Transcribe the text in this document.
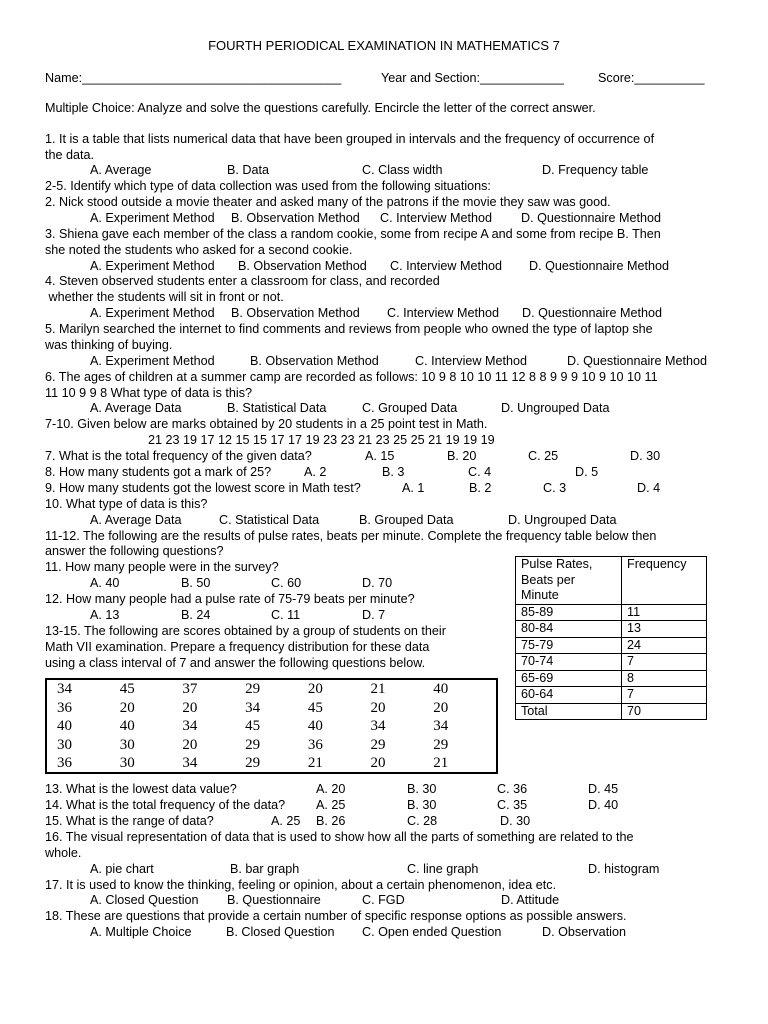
FOURTH PERIODICAL EXAMINATION IN MATHEMATICS 7
Name:_____________________________________	Year and Section:____________	Score:__________
Multiple Choice: Analyze and solve the questions carefully. Encircle the letter of the correct answer.
1. It is a table that lists numerical data that have been grouped in intervals and the frequency of occurrence of
the data.
A. Average	B. Data	C. Class width	D. Frequency table
2-5. Identify which type of data collection was used from the following situations:
2. Nick stood outside a movie theater and asked many of the patrons if the movie they saw was good.
A. Experiment Method B. Observation Method C. Interview Method D. Questionnaire Method
3. Shiena gave each member of the class a random cookie, some from recipe A and some from recipe B. Then
she noted the students who asked for a second cookie.
A. Experiment Method B. Observation Method C. Interview Method D. Questionnaire Method
4. Steven observed students enter a classroom for class, and recorded
whether the students will sit in front or not.
A. Experiment Method B. Observation Method C. Interview Method D. Questionnaire Method
5. Marilyn searched the internet to find comments and reviews from people who owned the type of laptop she
was thinking of buying.
A. Experiment Method	B. Observation Method	C. Interview Method	D. Questionnaire Method
6. The ages of children at a summer camp are recorded as follows: 10 9 8 10 10 11 12 8 8 9 9 9 10 9 10 10 11
11 10 9 9 8 What type of data is this?
A. Average Data	B. Statistical Data	C. Grouped Data	D. Ungrouped Data
7-10. Given below are marks obtained by 20 students in a 25 point test in Math.
21 23 19 17 12 15 15 17 17 19 23 23 21 23 25 25 21 19 19 19
7. What is the total frequency of the given data?	A. 15	B. 20	C. 25	D. 30
8. How many students got a mark of 25?	A. 2	B. 3	C. 4	D. 5
9. How many students got the lowest score in Math test?	A. 1	B. 2	C. 3	D. 4
10. What type of data is this?
A. Average Data	C. Statistical Data	B. Grouped Data	D. Ungrouped Data
11-12. The following are the results of pulse rates, beats per minute. Complete the frequency table below then
answer the following questions?
11. How many people were in the survey?
A. 40	B. 50	C. 60	D. 70
12. How many people had a pulse rate of 75-79 beats per minute?
A. 13	B. 24	C. 11	D. 7
13-15. The following are scores obtained by a group of students on their
Math VII examination. Prepare a frequency distribution for these data
using a class interval of 7 and answer the following questions below.
Pulse Rates,
Beats per
Minute	Frequency
85-89	11
80-84	13
75-79	24
70-74	7
65-69	8
60-64	7
Total	70
34	45	37	29	20	21	40
36	20	20	34	45	20	20
40	40	34	45	40	34	34
30	30	20	29	36	29	29
36	30	34	29	21	20	21
13. What is the lowest data value?	A. 20	B. 30	C. 36	D. 45
14. What is the total frequency of the data? A. 25	B. 30	C. 35	D. 40
15. What is the range of data?	A. 25 B. 26	C. 28	D. 30
16. The visual representation of data that is used to show how all the parts of something are related to the
whole.
A. pie chart	B. bar graph	C. line graph	D. histogram
17. It is used to know the thinking, feeling or opinion, about a certain phenomenon, idea etc.
A. Closed Question B. Questionnaire	C. FGD	D. Attitude
18. These are questions that provide a certain number of specific response options as possible answers.
A. Multiple Choice	B. Closed Question C. Open ended Question	D. Observation
